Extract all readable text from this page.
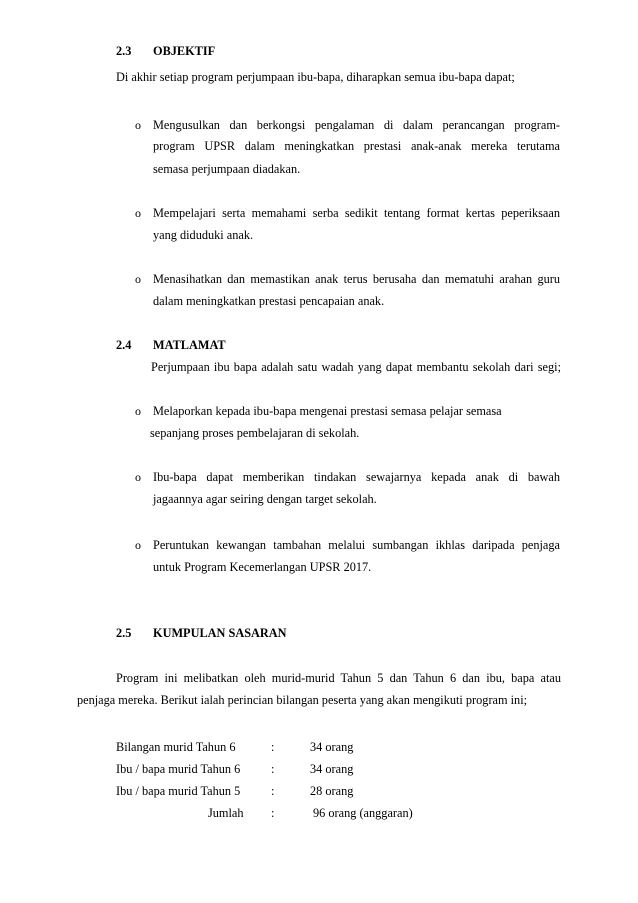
2.3 OBJEKTIF
Di akhir setiap program perjumpaan ibu-bapa, diharapkan semua ibu-bapa dapat;
o Mengusulkan dan berkongsi pengalaman di dalam perancangan program-
program UPSR dalam meningkatkan prestasi anak-anak mereka terutama
semasa perjumpaan diadakan.
o Mempelajari serta memahami serba sedikit tentang format kertas peperiksaan
yang diduduki anak.
o Menasihatkan dan memastikan anak terus berusaha dan mematuhi arahan guru
dalam meningkatkan prestasi pencapaian anak.
2.4 MATLAMAT
Perjumpaan ibu bapa adalah satu wadah yang dapat membantu sekolah dari segi;
o Melaporkan kepada ibu-bapa mengenai prestasi semasa pelajar semasa
sepanjang proses pembelajaran di sekolah.
o Ibu-bapa dapat memberikan tindakan sewajarnya kepada anak di bawah
jagaannya agar seiring dengan target sekolah.
o Peruntukan kewangan tambahan melalui sumbangan ikhlas daripada penjaga
untuk Program Kecemerlangan UPSR 2017.
2.5 KUMPULAN SASARAN
Program ini melibatkan oleh murid-murid Tahun 5 dan Tahun 6 dan ibu, bapa atau
penjaga mereka. Berikut ialah perincian bilangan peserta yang akan mengikuti program ini;
Bilangan murid Tahun 6	:	34 orang
Ibu / bapa murid Tahun 6	:	34 orang
Ibu / bapa murid Tahun 5	:	28 orang
Jumlah :	96 orang (anggaran)
